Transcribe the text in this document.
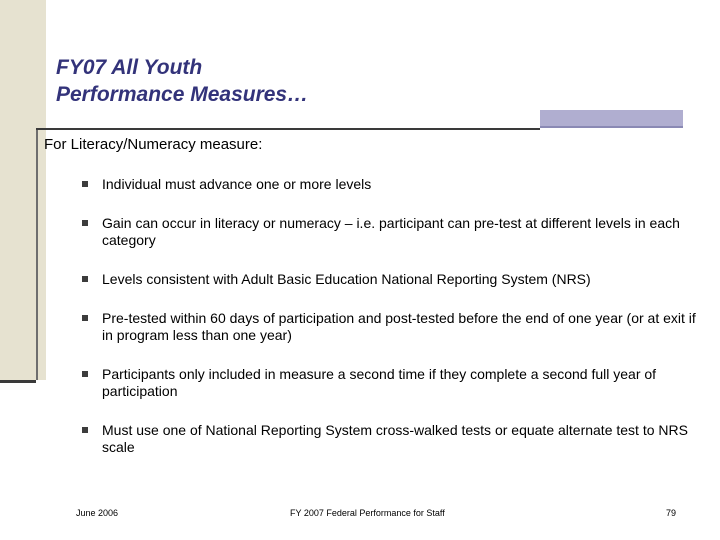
FY07 All Youth
Performance Measures…
For Literacy/Numeracy measure:
Individual must advance one or more levels
Gain can occur in literacy or numeracy – i.e. participant can pre-test at different levels in each category
Levels consistent with Adult Basic Education National Reporting System (NRS)
Pre-tested within 60 days of participation and post-tested before the end of one year (or at exit if in program less than one year)
Participants only included in measure a second time if they complete a second full year of participation
Must use one of National Reporting System cross-walked tests or equate alternate test to NRS scale
June 2006	FY 2007 Federal Performance for Staff	79
